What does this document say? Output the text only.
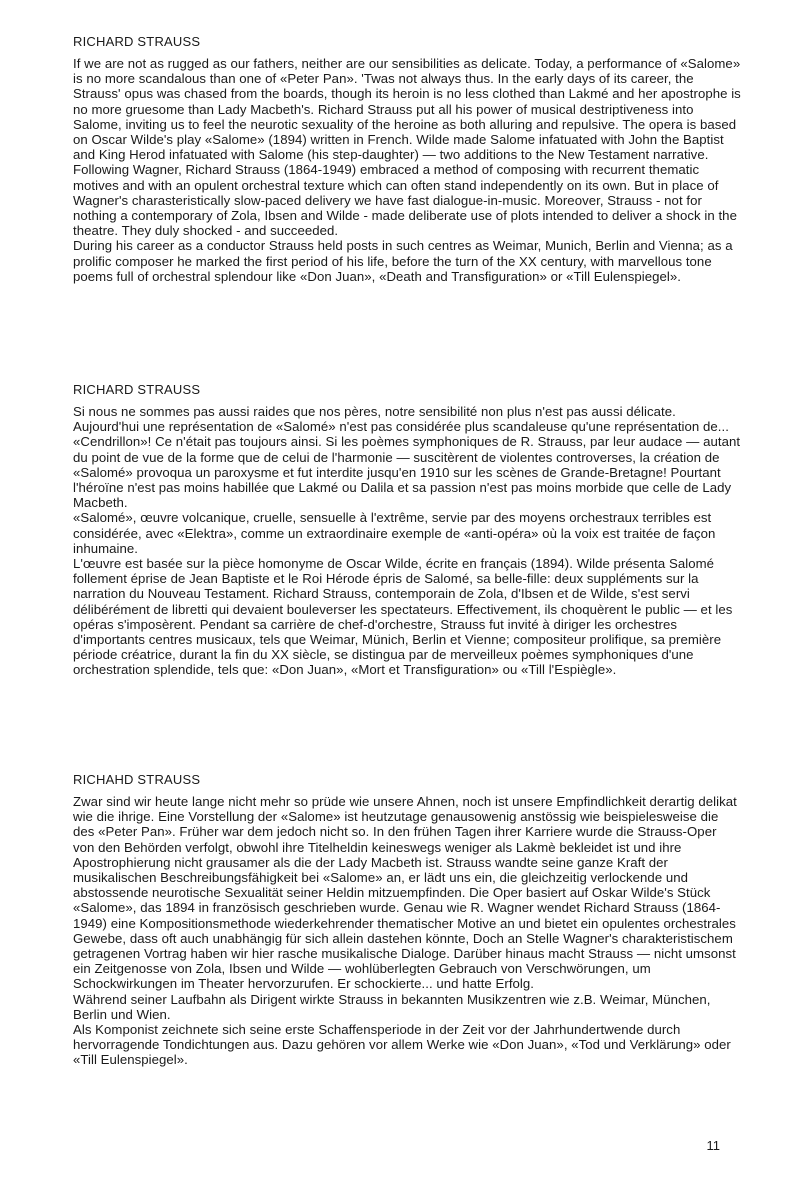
RICHARD STRAUSS

If we are not as rugged as our fathers, neither are our sensibilities as delicate. Today, a performance of «Salome» is no more scandalous than one of «Peter Pan». 'Twas not always thus. In the early days of its career, the Strauss' opus was chased from the boards, though its heroin is no less clothed than Lakmé and her apostrophe is no more gruesome than Lady Macbeth's. Richard Strauss put all his power of musical destriptiveness into Salome, inviting us to feel the neurotic sexuality of the heroine as both alluring and repulsive. The opera is based on Oscar Wilde's play «Salome» (1894) written in French. Wilde made Salome infatuated with John the Baptist and King Herod infatuated with Salome (his step-daughter) — two additions to the New Testament narrative.

Following Wagner, Richard Strauss (1864-1949) embraced a method of composing with recurrent thematic motives and with an opulent orchestral texture which can often stand independently on its own. But in place of Wagner's charasteristically slow-paced delivery we have fast dialogue-in-music. Moreover, Strauss - not for nothing a contemporary of Zola, Ibsen and Wilde - made deliberate use of plots intended to deliver a shock in the theatre. They duly shocked - and succeeded.

During his career as a conductor Strauss held posts in such centres as Weimar, Munich, Berlin and Vienna; as a prolific composer he marked the first period of his life, before the turn of the XX century, with marvellous tone poems full of orchestral splendour like «Don Juan», «Death and Transfiguration» or «Till Eulenspiegel».

RICHARD STRAUSS

Si nous ne sommes pas aussi raides que nos pères, notre sensibilité non plus n'est pas aussi délicate. Aujourd'hui une représentation de «Salomé» n'est pas considérée plus scandaleuse qu'une représentation de... «Cendrillon»! Ce n'était pas toujours ainsi. Si les poèmes symphoniques de R. Strauss, par leur audace — autant du point de vue de la forme que de celui de l'harmonie — suscitèrent de violentes controverses, la création de «Salomé» provoqua un paroxysme et fut interdite jusqu'en 1910 sur les scènes de Grande-Bretagne! Pourtant l'héroïne n'est pas moins habillée que Lakmé ou Dalila et sa passion n'est pas moins morbide que celle de Lady Macbeth.

«Salomé», œuvre volcanique, cruelle, sensuelle à l'extrême, servie par des moyens orchestraux terribles est considérée, avec «Elektra», comme un extraordinaire exemple de «anti-opéra» où la voix est traitée de façon inhumaine.

L'œuvre est basée sur la pièce homonyme de Oscar Wilde, écrite en français (1894). Wilde présenta Salomé follement éprise de Jean Baptiste et le Roi Hérode épris de Salomé, sa belle-fille: deux suppléments sur la narration du Nouveau Testament. Richard Strauss, contemporain de Zola, d'Ibsen et de Wilde, s'est servi délibérément de libretti qui devaient bouleverser les spectateurs. Effectivement, ils choquèrent le public — et les opéras s'imposèrent. Pendant sa carrière de chef-d'orchestre, Strauss fut invité à diriger les orchestres d'importants centres musicaux, tels que Weimar, Münich, Berlin et Vienne; compositeur prolifique, sa première période créatrice, durant la fin du XX siècle, se distingua par de merveilleux poèmes symphoniques d'une orchestration splendide, tels que: «Don Juan», «Mort et Transfiguration» ou «Till l'Espiègle».

RICHAHD STRAUSS

Zwar sind wir heute lange nicht mehr so prüde wie unsere Ahnen, noch ist unsere Empfindlichkeit derartig delikat wie die ihrige. Eine Vorstellung der «Salome» ist heutzutage genausowenig anstössig wie beispielesweise die des «Peter Pan». Früher war dem jedoch nicht so. In den frühen Tagen ihrer Karriere wurde die Strauss-Oper von den Behörden verfolgt, obwohl ihre Titelheldin keineswegs weniger als Lakmè bekleidet ist und ihre Apostrophierung nicht grausamer als die der Lady Macbeth ist. Strauss wandte seine ganze Kraft der musikalischen Beschreibungsfähigkeit bei «Salome» an, er lädt uns ein, die gleichzeitig verlockende und abstossende neurotische Sexualität seiner Heldin mitzuempfinden. Die Oper basiert auf Oskar Wilde's Stück «Salome», das 1894 in französisch geschrieben wurde. Genau wie R. Wagner wendet Richard Strauss (1864-1949) eine Kompositionsmethode wiederkehrender thematischer Motive an und bietet ein opulentes orchestrales Gewebe, dass oft auch unabhängig für sich allein dastehen könnte, Doch an Stelle Wagner's charakteristischem getragenen Vortrag haben wir hier rasche musikalische Dialoge. Darüber hinaus macht Strauss — nicht umsonst ein Zeitgenosse von Zola, Ibsen und Wilde — wohlüberlegten Gebrauch von Verschwörungen, um Schockwirkungen im Theater hervorzurufen. Er schockierte... und hatte Erfolg.

Während seiner Laufbahn als Dirigent wirkte Strauss in bekannten Musikzentren wie z.B. Weimar, München, Berlin und Wien.

Als Komponist zeichnete sich seine erste Schaffensperiode in der Zeit vor der Jahrhundertwende durch hervorragende Tondichtungen aus. Dazu gehören vor allem Werke wie «Don Juan», «Tod und Verklärung» oder «Till Eulenspiegel».

11
